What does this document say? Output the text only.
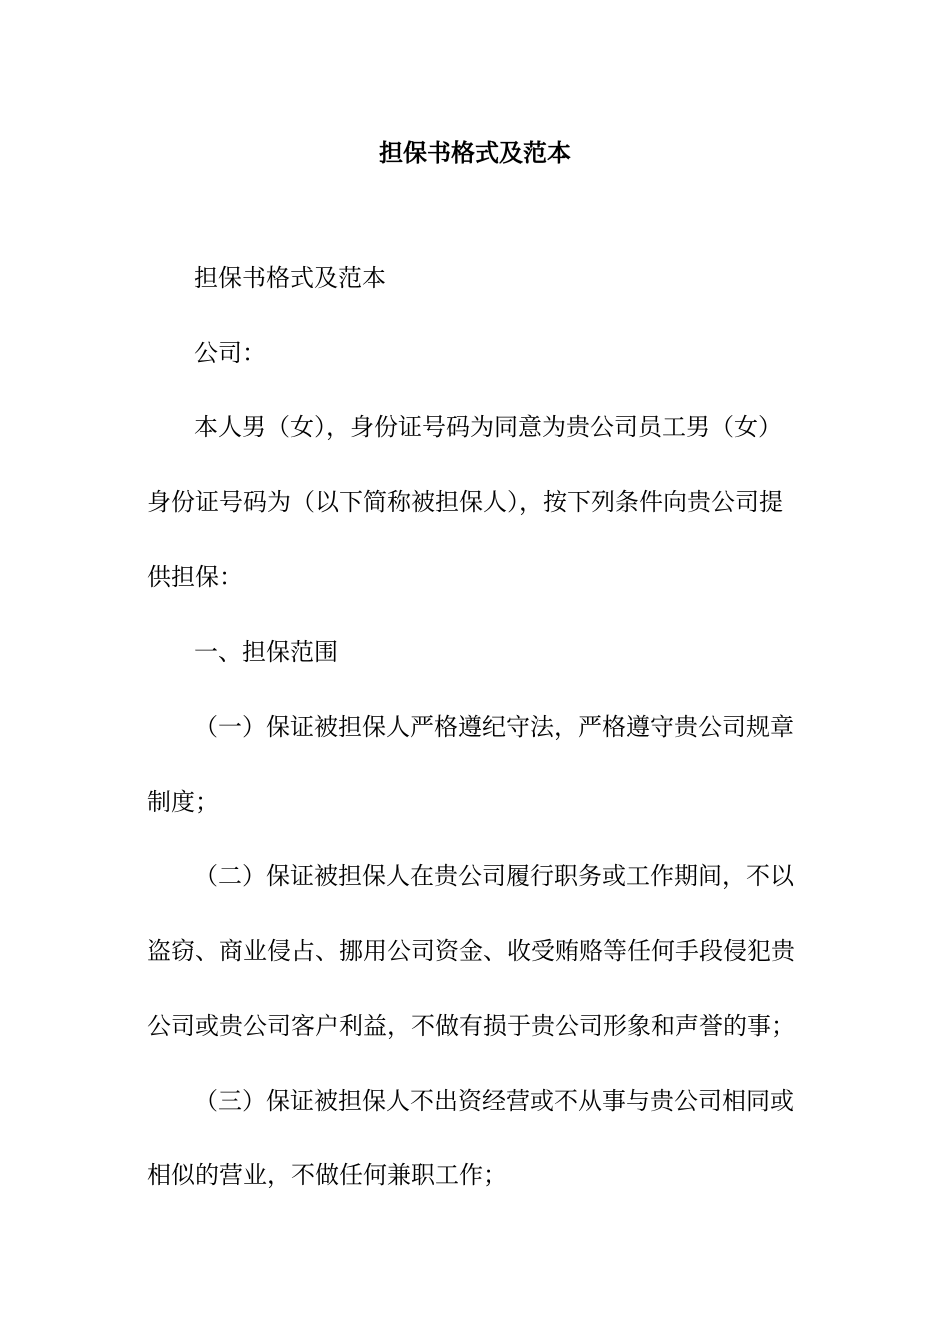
担保书格式及范本
担保书格式及范本
公司：
本人男（女），身份证号码为同意为贵公司员工男（女）
身份证号码为（以下简称被担保人），按下列条件向贵公司提
供担保：
一、担保范围
（一）保证被担保人严格遵纪守法，严格遵守贵公司规章
制度；
（二）保证被担保人在贵公司履行职务或工作期间，不以
盗窃、商业侵占、挪用公司资金、收受贿赂等任何手段侵犯贵
公司或贵公司客户利益，不做有损于贵公司形象和声誉的事；
（三）保证被担保人不出资经营或不从事与贵公司相同或
相似的营业，不做任何兼职工作；
